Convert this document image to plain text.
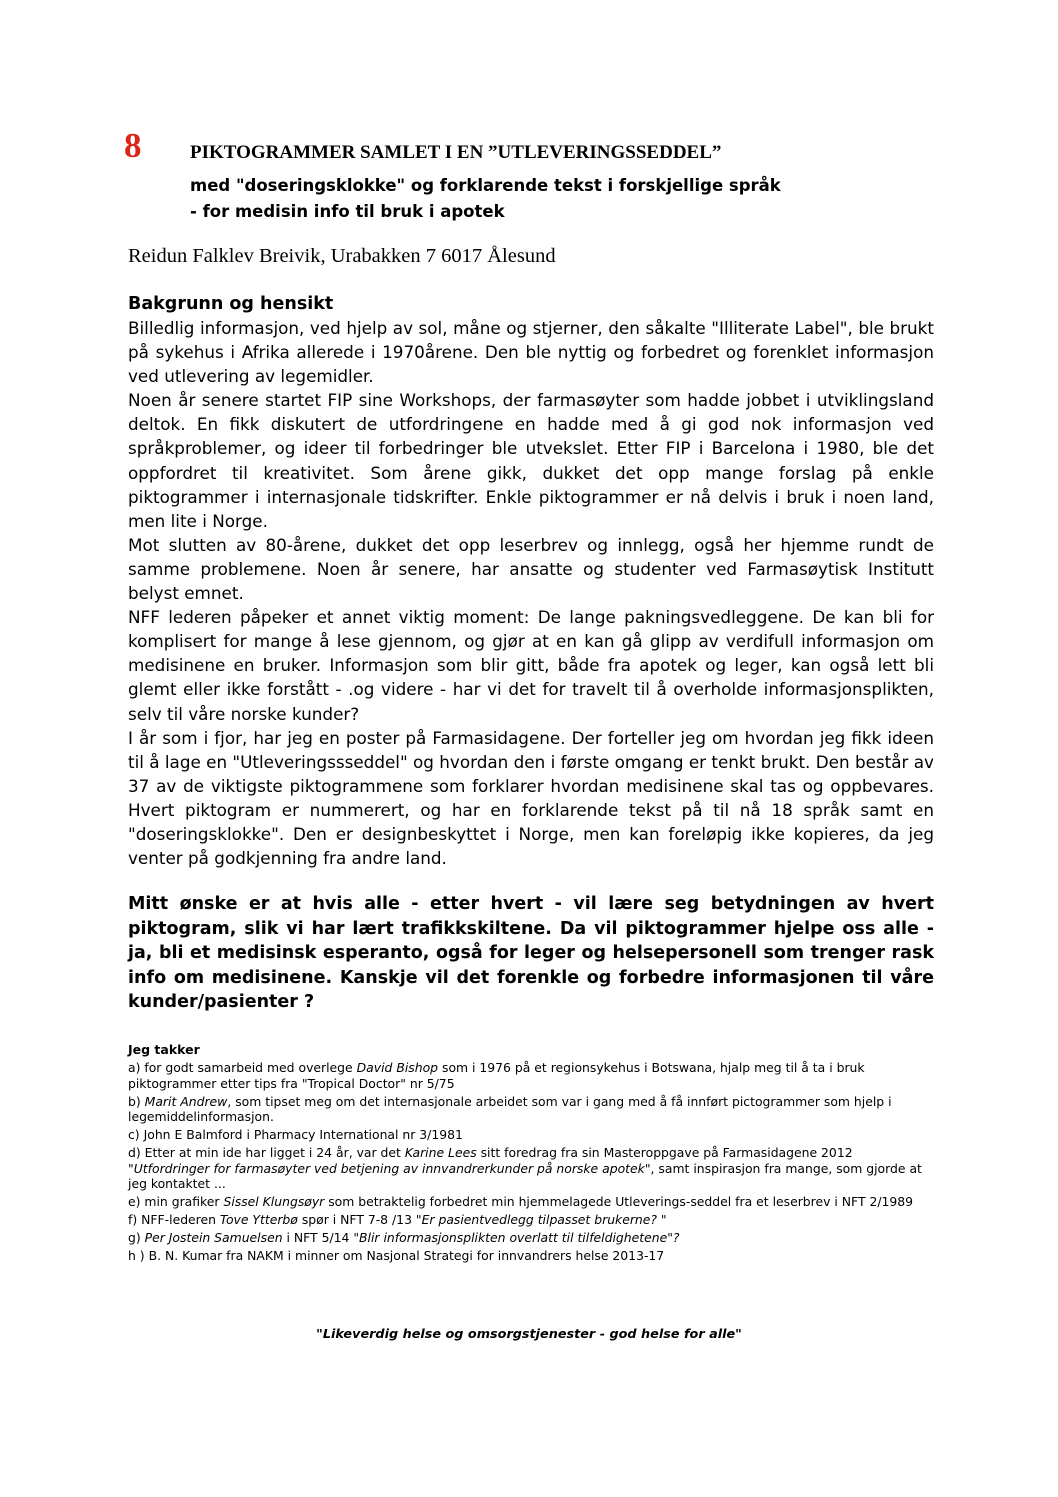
8	PIKTOGRAMMER SAMLET I EN ”UTLEVERINGSSEDDEL”
med "doseringsklokke" og forklarende tekst i forskjellige språk
- for medisin info til bruk i apotek
Reidun Falklev Breivik, Urabakken 7 6017 Ålesund
Bakgrunn og hensikt

Billedlig informasjon, ved hjelp av sol, måne og stjerner, den såkalte "Illiterate Label", ble brukt på sykehus i Afrika allerede i 1970årene. Den ble nyttig og forbedret og forenklet informasjon ved utlevering av legemidler.

Noen år senere startet FIP sine Workshops, der farmasøyter som hadde jobbet i utviklingsland deltok. En fikk diskutert de utfordringene en hadde med å gi god nok informasjon ved språkproblemer, og ideer til forbedringer ble utvekslet. Etter FIP i Barcelona i 1980, ble det oppfordret til kreativitet. Som årene gikk, dukket det opp mange forslag på enkle piktogrammer i internasjonale tidskrifter. Enkle piktogrammer er nå delvis i bruk i noen land, men lite i Norge.

Mot slutten av 80-årene, dukket det opp leserbrev og innlegg, også her hjemme rundt de samme problemene. Noen år senere, har ansatte og studenter ved Farmasøytisk Institutt belyst emnet.

NFF lederen påpeker et annet viktig moment: De lange pakningsvedleggene. De kan bli for komplisert for mange å lese gjennom, og gjør at en kan gå glipp av verdifull informasjon om medisinene en bruker. Informasjon som blir gitt, både fra apotek og leger, kan også lett bli glemt eller ikke forstått - .og videre - har vi det for travelt til å overholde informasjonsplikten, selv til våre norske kunder?

I år som i fjor, har jeg en poster på Farmasidagene. Der forteller jeg om hvordan jeg fikk ideen til å lage en "Utleveringssseddel" og hvordan den i første omgang er tenkt brukt. Den består av 37 av de viktigste piktogrammene som forklarer hvordan medisinene skal tas og oppbevares. Hvert piktogram er nummerert, og har en forklarende tekst på til nå 18 språk samt en "doseringsklokke". Den er designbeskyttet i Norge, men kan foreløpig ikke kopieres, da jeg venter på godkjenning fra andre land.

Mitt ønske er at hvis alle - etter hvert - vil lære seg betydningen av hvert piktogram, slik vi har lært trafikkskiltene. Da vil piktogrammer hjelpe oss alle - ja, bli et medisinsk esperanto, også for leger og helsepersonell som trenger rask info om medisinene. Kanskje vil det forenkle og forbedre informasjonen til våre kunder/pasienter ?
Jeg takker
a) for godt samarbeid med overlege David Bishop som i 1976 på et regionsykehus i Botswana, hjalp meg til å ta i bruk piktogrammer etter tips fra "Tropical Doctor" nr 5/75
b) Marit Andrew, som tipset meg om det internasjonale arbeidet som var i gang med å få innført pictogrammer som hjelp i legemiddelinformasjon.
c) John E Balmford i Pharmacy International nr 3/1981
d) Etter at min ide har ligget i 24 år, var det Karine Lees sitt foredrag fra sin Masteroppgave på Farmasidagene 2012
"Utfordringer for farmasøyter ved betjening av innvandrerkunder på norske apotek", samt inspirasjon fra mange, som gjorde at jeg kontaktet ...
e) min grafiker Sissel Klungsøyr som betraktelig forbedret min hjemmelagede Utleverings-seddel fra et leserbrev i NFT 2/1989
f) NFF-lederen Tove Ytterbø spør i NFT 7-8 /13 "Er pasientvedlegg tilpasset brukerne? "
g) Per Jostein Samuelsen i NFT 5/14 "Blir informasjonsplikten overlatt til tilfeldighetene"?
h ) B. N. Kumar fra NAKM i minner om Nasjonal Strategi for innvandrers helse 2013-17
"Likeverdig helse og omsorgstjenester - god helse for alle"
